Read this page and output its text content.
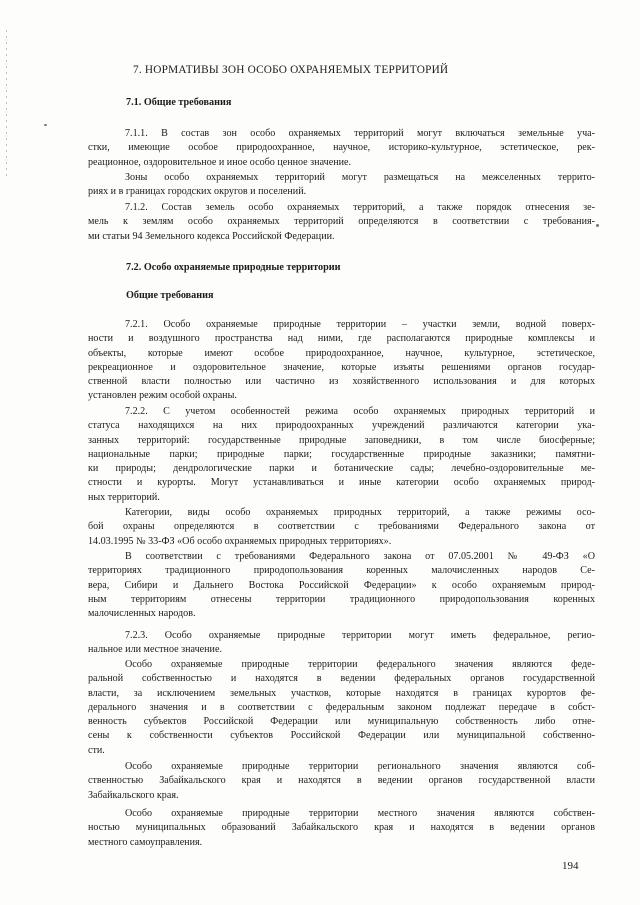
7. НОРМАТИВЫ ЗОН ОСОБО ОХРАНЯЕМЫХ ТЕРРИТОРИЙ
7.1. Общие требования
7.1.1. В состав зон особо охраняемых территорий могут включаться земельные уча-
стки, имеющие особое природоохранное, научное, историко-культурное, эстетическое, рек-
реационное, оздоровительное и иное особо ценное значение.
Зоны особо охраняемых территорий могут размещаться на межселенных террито-
риях и в границах городских округов и поселений.
7.1.2. Состав земель особо охраняемых территорий, а также порядок отнесения зе-
мель к землям особо охраняемых территорий определяются в соответствии с требования-
ми статьи 94 Земельного кодекса Российской Федерации.
7.2. Особо охраняемые природные территории
Общие требования
7.2.1. Особо охраняемые природные территории – участки земли, водной поверх-
ности и воздушного пространства над ними, где располагаются природные комплексы и
объекты, которые имеют особое природоохранное, научное, культурное, эстетическое,
рекреационное и оздоровительное значение, которые изъяты решениями органов государ-
ственной власти полностью или частично из хозяйственного использования и для которых
установлен режим особой охраны.
7.2.2. С учетом особенностей режима особо охраняемых природных территорий и
статуса находящихся на них природоохранных учреждений различаются категории ука-
занных территорий: государственные природные заповедники, в том числе биосферные;
национальные парки; природные парки; государственные природные заказники; памятни-
ки природы; дендрологические парки и ботанические сады; лечебно-оздоровительные ме-
стности и курорты. Могут устанавливаться и иные категории особо охраняемых природ-
ных территорий.
Категории, виды особо охраняемых природных территорий, а также режимы осо-
бой охраны определяются в соответствии с требованиями Федерального закона от
14.03.1995 № 33-ФЗ «Об особо охраняемых природных территориях».
В соответствии с требованиями Федерального закона от 07.05.2001 № 49-ФЗ «О
территориях традиционного природопользования коренных малочисленных народов Се-
вера, Сибири и Дальнего Востока Российской Федерации» к особо охраняемым природ-
ным территориям отнесены территории традиционного природопользования коренных
малочисленных народов.
7.2.3. Особо охраняемые природные территории могут иметь федеральное, регио-
нальное или местное значение.
Особо охраняемые природные территории федерального значения являются феде-
ральной собственностью и находятся в ведении федеральных органов государственной
власти, за исключением земельных участков, которые находятся в границах курортов фе-
дерального значения и в соответствии с федеральным законом подлежат передаче в собст-
венность субъектов Российской Федерации или муниципальную собственность либо отне-
сены к собственности субъектов Российской Федерации или муниципальной собственно-
сти.
Особо охраняемые природные территории регионального значения являются соб-
ственностью Забайкальского края и находятся в ведении органов государственной власти
Забайкальского края.
Особо охраняемые природные территории местного значения являются собствен-
ностью муниципальных образований Забайкальского края и находятся в ведении органов
местного самоуправления.
194
